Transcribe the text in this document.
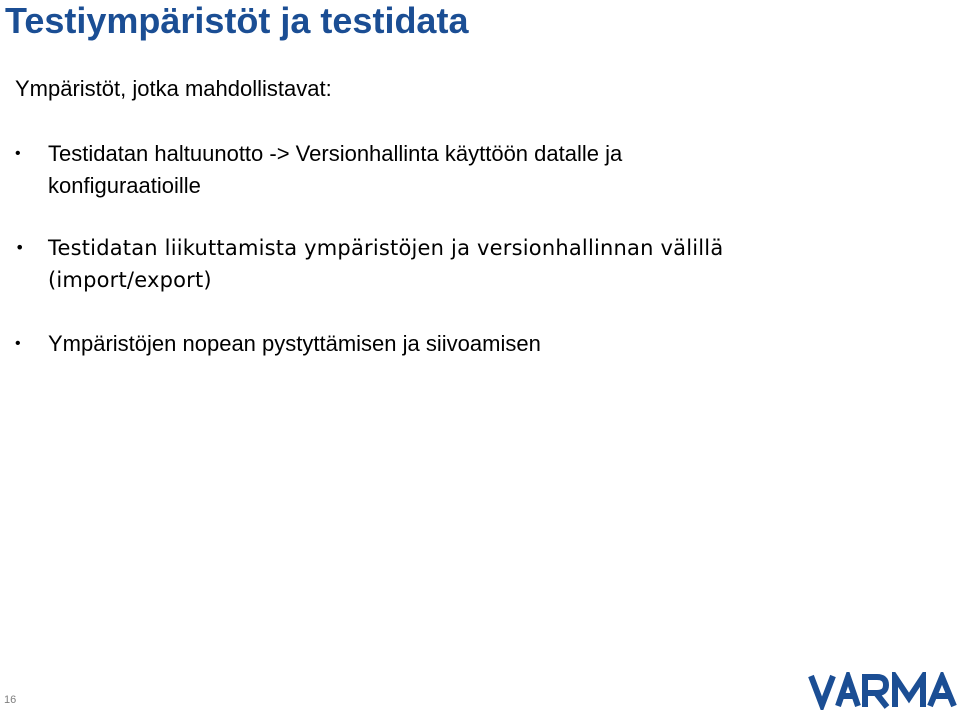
Testiympäristöt ja testidata
Ympäristöt, jotka mahdollistavat:
• Testidatan haltuunotto -> Versionhallinta käyttöön datalle ja konfiguraatioille
• Testidatan liikuttamista ympäristöjen ja versionhallinnan välillä (import/export)
• Ympäristöjen nopean pystyttämisen ja siivoamisen
16
